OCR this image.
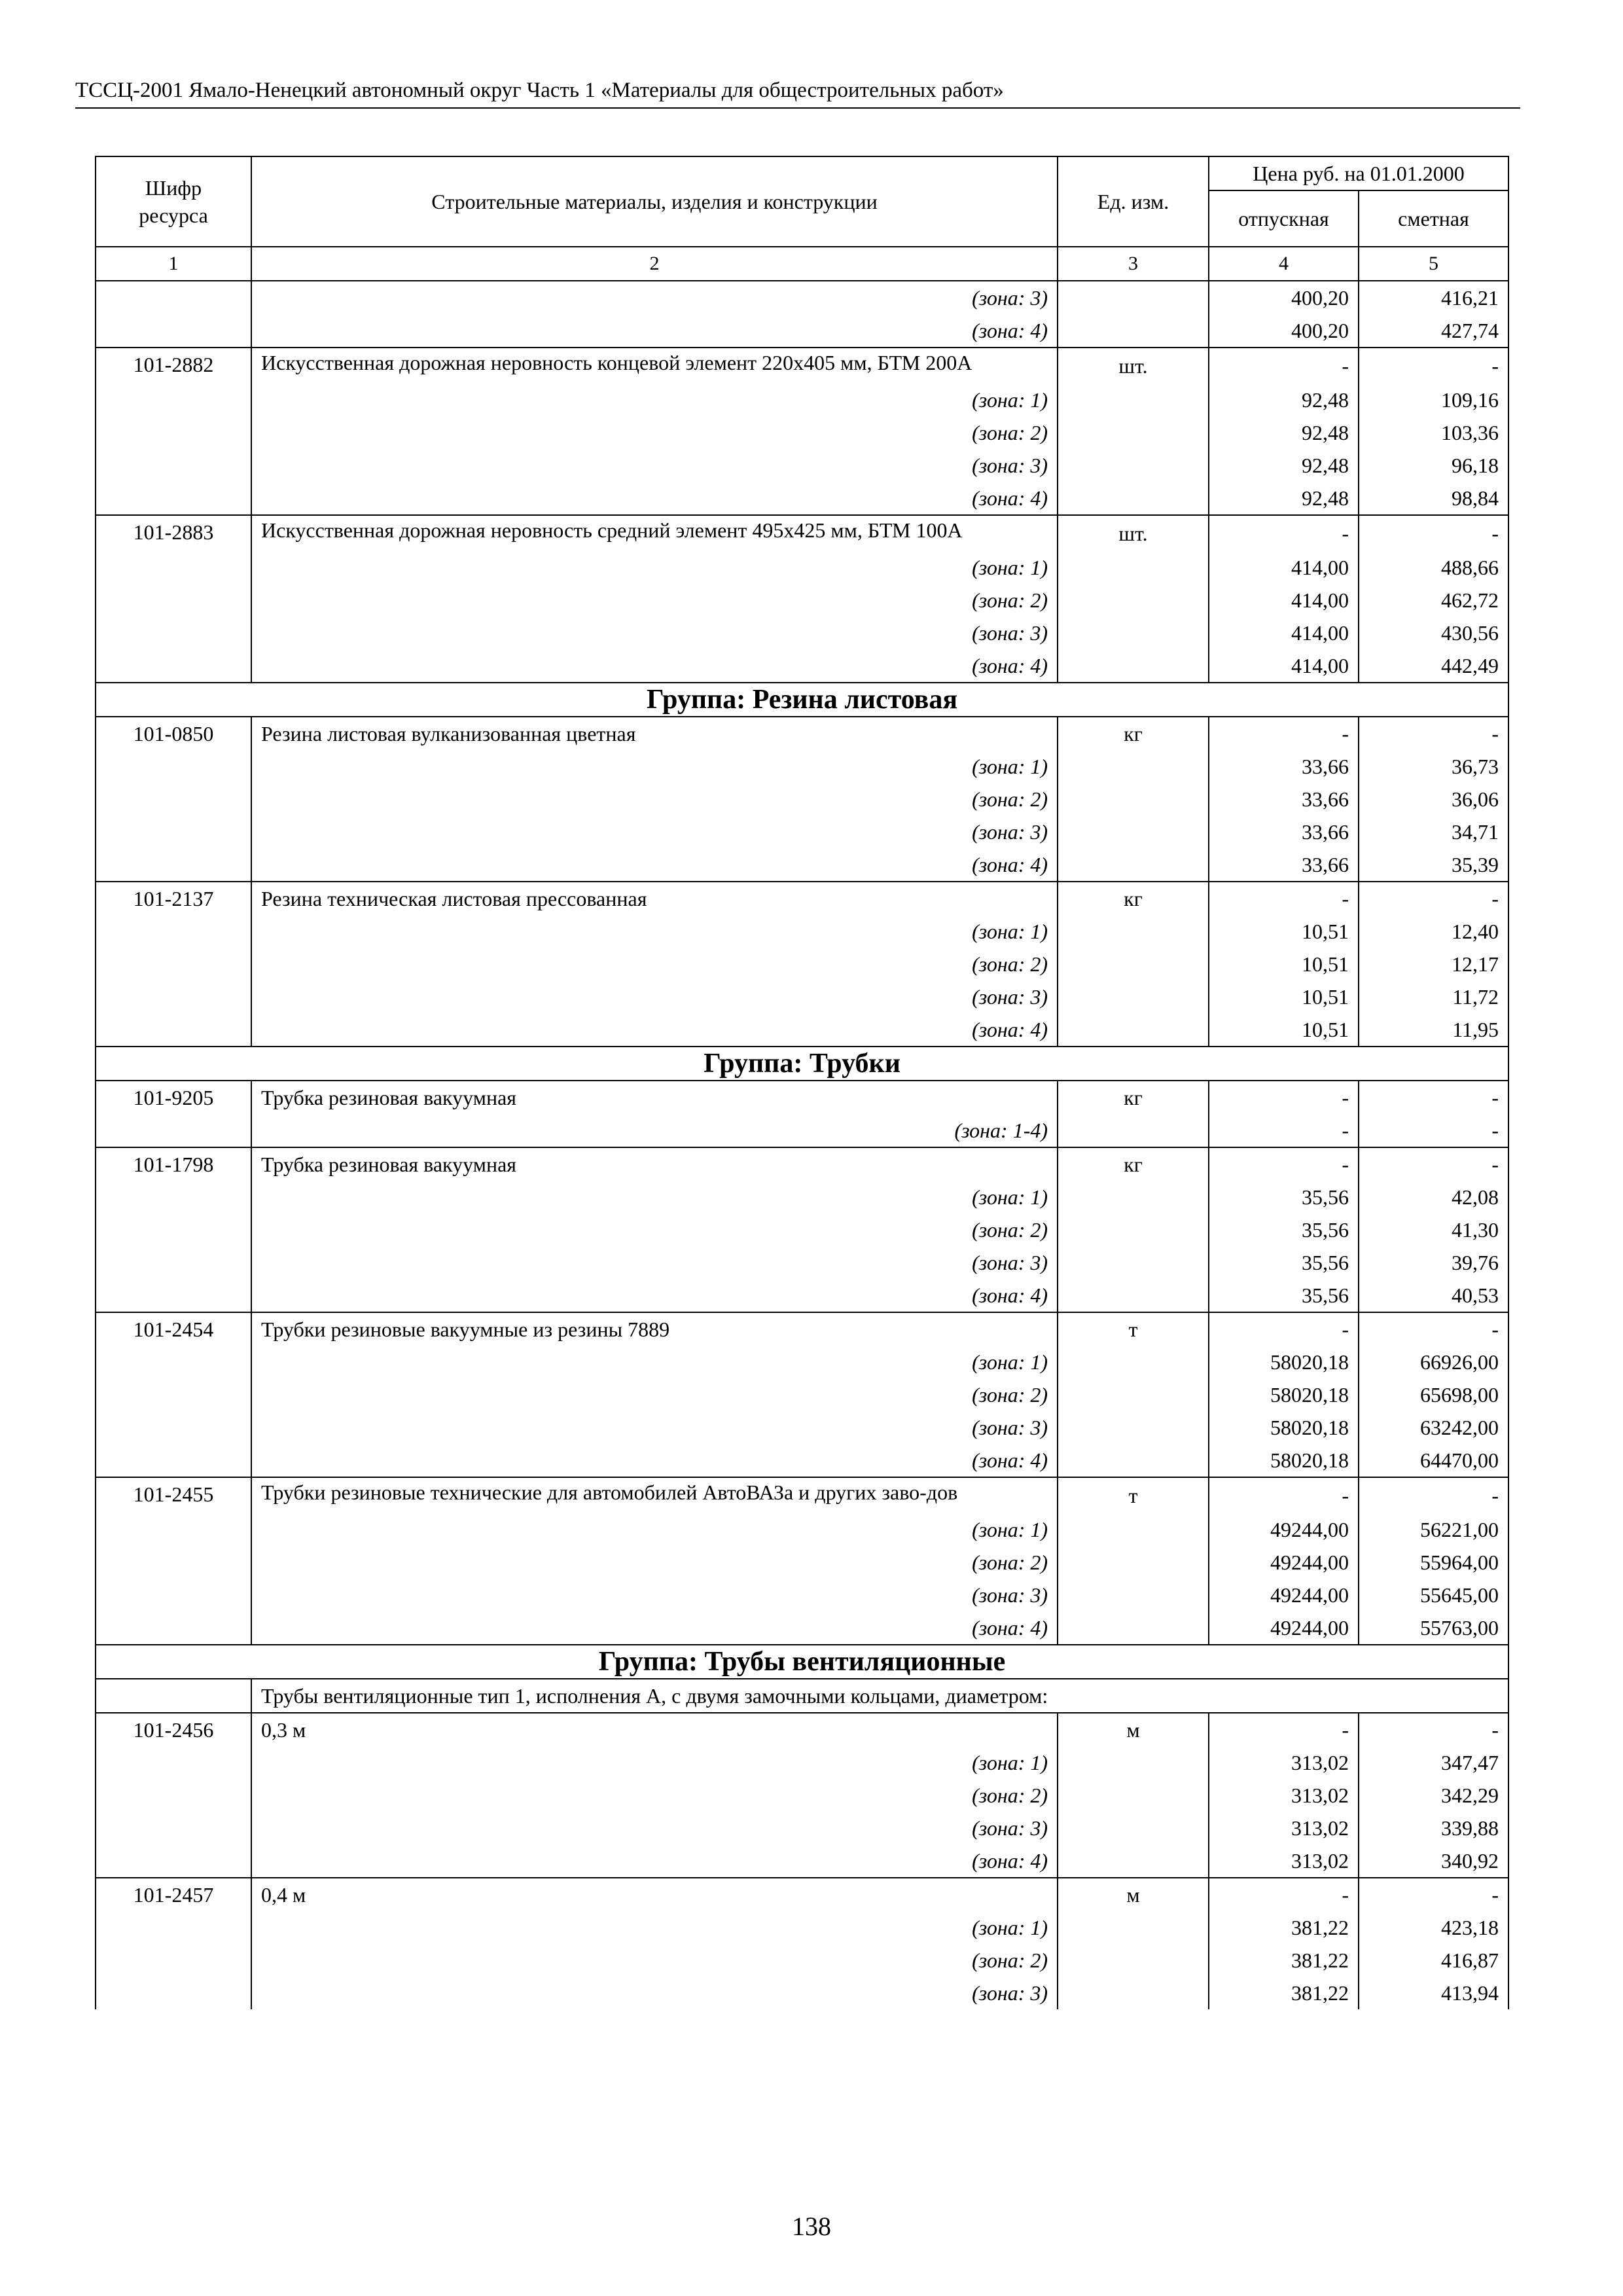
ТССЦ-2001 Ямало-Ненецкий автономный округ Часть 1 «Материалы для общестроительных работ»
Шифр ресурса	Строительные материалы, изделия и конструкции	Ед. изм.	Цена руб. на 01.01.2000	
			отпускная	сметная
1	2	3	4	5
	(зона: 3)		400,20	416,21
	(зона: 4)		400,20	427,74
101-2882	Искусственная дорожная неровность концевой элемент 220х405 мм, БТМ 200А	шт.	-	-
	(зона: 1)		92,48	109,16
	(зона: 2)		92,48	103,36
	(зона: 3)		92,48	96,18
	(зона: 4)		92,48	98,84
101-2883	Искусственная дорожная неровность средний элемент 495х425 мм, БТМ 100А	шт.	-	-
	(зона: 1)		414,00	488,66
	(зона: 2)		414,00	462,72
	(зона: 3)		414,00	430,56
	(зона: 4)		414,00	442,49
Группа: Резина листовая				
101-0850	Резина листовая вулканизованная цветная	кг	-	-
	(зона: 1)		33,66	36,73
	(зона: 2)		33,66	36,06
	(зона: 3)		33,66	34,71
	(зона: 4)		33,66	35,39
101-2137	Резина техническая листовая прессованная	кг	-	-
	(зона: 1)		10,51	12,40
	(зона: 2)		10,51	12,17
	(зона: 3)		10,51	11,72
	(зона: 4)		10,51	11,95
Группа: Трубки				
101-9205	Трубка резиновая вакуумная	кг	-	-
	(зона: 1-4)		-	-
101-1798	Трубка резиновая вакуумная	кг	-	-
	(зона: 1)		35,56	42,08
	(зона: 2)		35,56	41,30
	(зона: 3)		35,56	39,76
	(зона: 4)		35,56	40,53
101-2454	Трубки резиновые вакуумные из резины 7889	т	-	-
	(зона: 1)		58020,18	66926,00
	(зона: 2)		58020,18	65698,00
	(зона: 3)		58020,18	63242,00
	(зона: 4)		58020,18	64470,00
101-2455	Трубки резиновые технические для автомобилей АвтоВАЗа и других заво-дов	т	-	-
	(зона: 1)		49244,00	56221,00
	(зона: 2)		49244,00	55964,00
	(зона: 3)		49244,00	55645,00
	(зона: 4)		49244,00	55763,00
Группа: Трубы вентиляционные				
	Трубы вентиляционные тип 1, исполнения А, с двумя замочными кольцами, диаметром:			
101-2456	0,3 м	м	-	-
	(зона: 1)		313,02	347,47
	(зона: 2)		313,02	342,29
	(зона: 3)		313,02	339,88
	(зона: 4)		313,02	340,92
101-2457	0,4 м	м	-	-
	(зона: 1)		381,22	423,18
	(зона: 2)		381,22	416,87
	(зона: 3)		381,22	413,94
138
